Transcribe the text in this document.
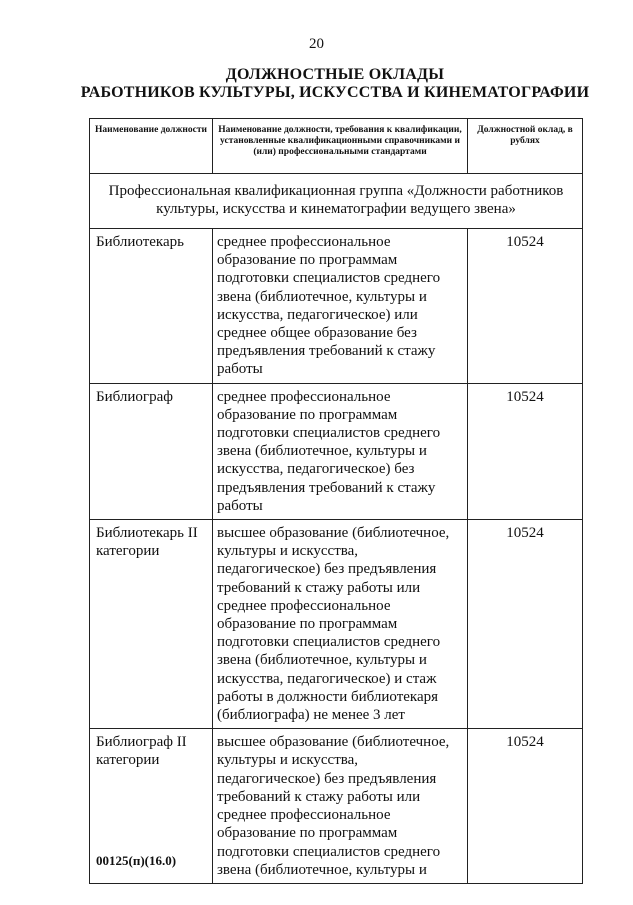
20
ДОЛЖНОСТНЫЕ ОКЛАДЫ
РАБОТНИКОВ КУЛЬТУРЫ, ИСКУССТВА И КИНЕМАТОГРАФИИ
Наименование должности	Наименование должности, требования к квалификации, установленные квалификационными справочниками и (или) профессиональными стандартами	Должностной оклад, в рублях
Профессиональная квалификационная группа «Должности работников культуры, искусства и кинематографии ведущего звена»		
Библиотекарь	среднее профессиональное образование по программам подготовки специалистов среднего звена (библиотечное, культуры и искусства, педагогическое) или среднее общее образование без предъявления требований к стажу работы	10524
Библиограф	среднее профессиональное образование по программам подготовки специалистов среднего звена (библиотечное, культуры и искусства, педагогическое) без предъявления требований к стажу работы	10524
Библиотекарь II категории	высшее образование (библиотечное, культуры и искусства, педагогическое) без предъявления требований к стажу работы или среднее профессиональное образование по программам подготовки специалистов среднего звена (библиотечное, культуры и искусства, педагогическое) и стаж работы в должности библиотекаря (библиографа) не менее 3 лет	10524
Библиограф II категории	высшее образование (библиотечное, культуры и искусства, педагогическое) без предъявления требований к стажу работы или среднее профессиональное образование по программам подготовки специалистов среднего звена (библиотечное, культуры и	10524
00125(п)(16.0)
